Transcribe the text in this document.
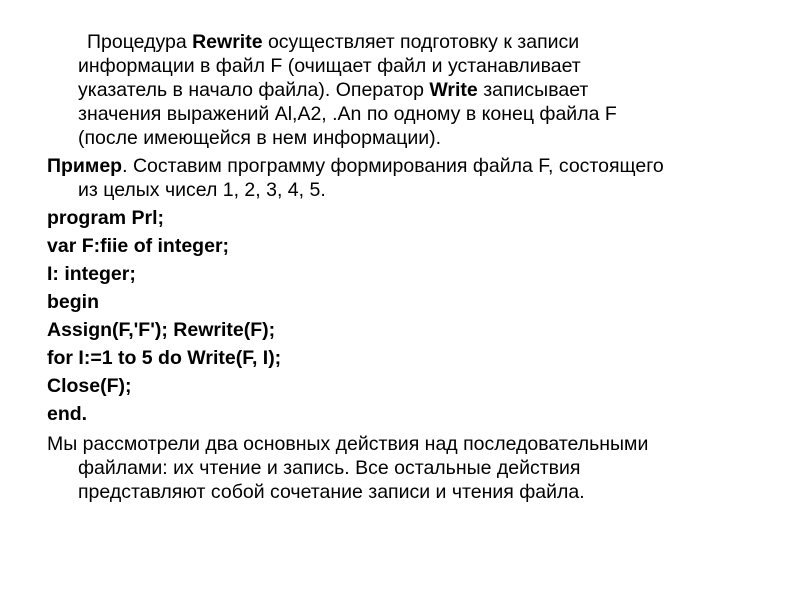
Процедура Rewrite осуществляет подготовку к записи
информации в файл F (очищает файл и устанавливает
указатель в начало файла). Оператор Write записывает
значения выражений Al,A2, .An по одному в конец файла F
(после имеющейся в нем информации).
Пример. Составим программу формирования файла F, состоящего
из целых чисел 1, 2, 3, 4, 5.
program Prl;
var F:fiie of integer;
I: integer;
begin
Assign(F,'F'); Rewrite(F);
for I:=1 to 5 do Write(F, I);
Close(F);
end.
Мы рассмотрели два основных действия над последовательными
файлами: их чтение и запись. Все остальные действия
представляют собой сочетание записи и чтения файла.
